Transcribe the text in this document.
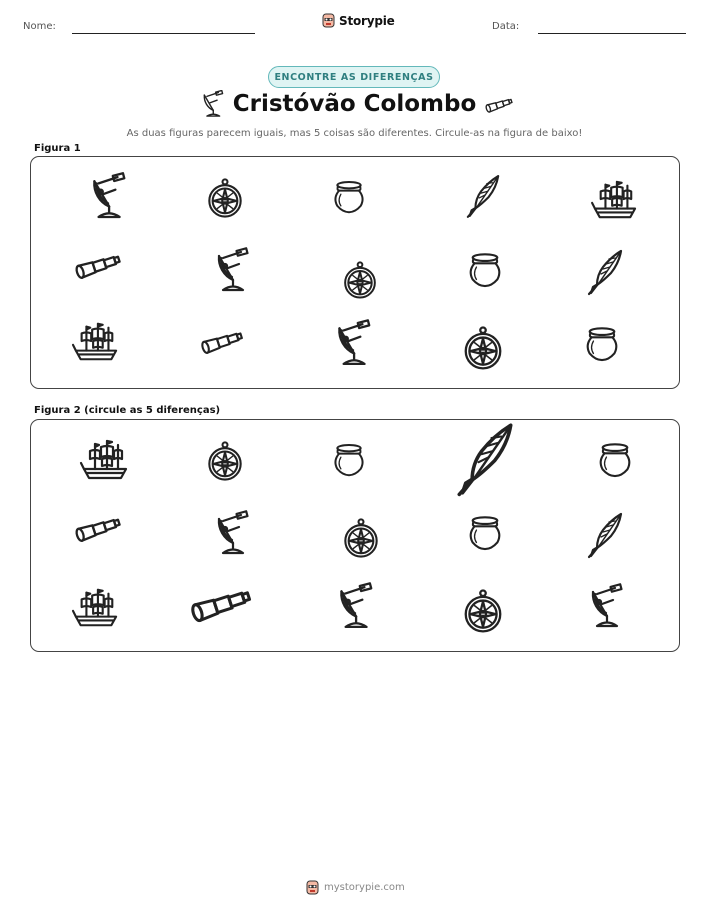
Nome:	Storypie	Data:
ENCONTRE AS DIFERENÇAS
Cristóvão Colombo
As duas figuras parecem iguais, mas 5 coisas são diferentes. Circule-as na figura de baixo!
Figura 1
Figura 2 (circule as 5 diferenças)
mystorypie.com
